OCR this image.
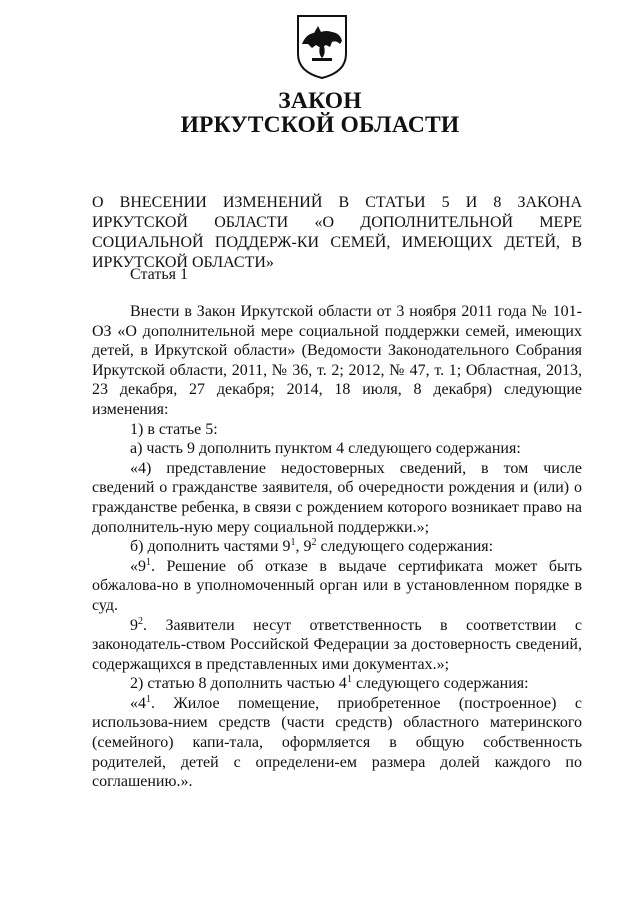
ЗАКОН
ИРКУТСКОЙ ОБЛАСТИ
О ВНЕСЕНИИ ИЗМЕНЕНИЙ В СТАТЬИ 5 И 8 ЗАКОНА ИРКУТСКОЙ ОБЛАСТИ «О ДОПОЛНИТЕЛЬНОЙ МЕРЕ СОЦИАЛЬНОЙ ПОДДЕРЖ-КИ СЕМЕЙ, ИМЕЮЩИХ ДЕТЕЙ, В ИРКУТСКОЙ ОБЛАСТИ»
Статья 1

Внести в Закон Иркутской области от 3 ноября 2011 года № 101-ОЗ «О дополнительной мере социальной поддержки семей, имеющих детей, в Иркутской области» (Ведомости Законодательного Собрания Иркутской области, 2011, № 36, т. 2; 2012, № 47, т. 1; Областная, 2013, 23 декабря, 27 декабря; 2014, 18 июля, 8 декабря) следующие изменения:

1) в статье 5:

а) часть 9 дополнить пунктом 4 следующего содержания:

«4) представление недостоверных сведений, в том числе сведений о гражданстве заявителя, об очередности рождения и (или) о гражданстве ребенка, в связи с рождением которого возникает право на дополнитель-ную меру социальной поддержки.»;

б) дополнить частями $9^1$, $9^2$ следующего содержания:

«$9^1$. Решение об отказе в выдаче сертификата может быть обжалова-но в уполномоченный орган или в установленном порядке в суд.

$9^2$. Заявители несут ответственность в соответствии с законодатель-ством Российской Федерации за достоверность сведений, содержащихся в представленных ими документах.»;

2) статью 8 дополнить частью $4^1$ следующего содержания:

«$4^1$. Жилое помещение, приобретенное (построенное) с использова-нием средств (части средств) областного материнского (семейного) капи-тала, оформляется в общую собственность родителей, детей с определени-ем размера долей каждого по соглашению.».
